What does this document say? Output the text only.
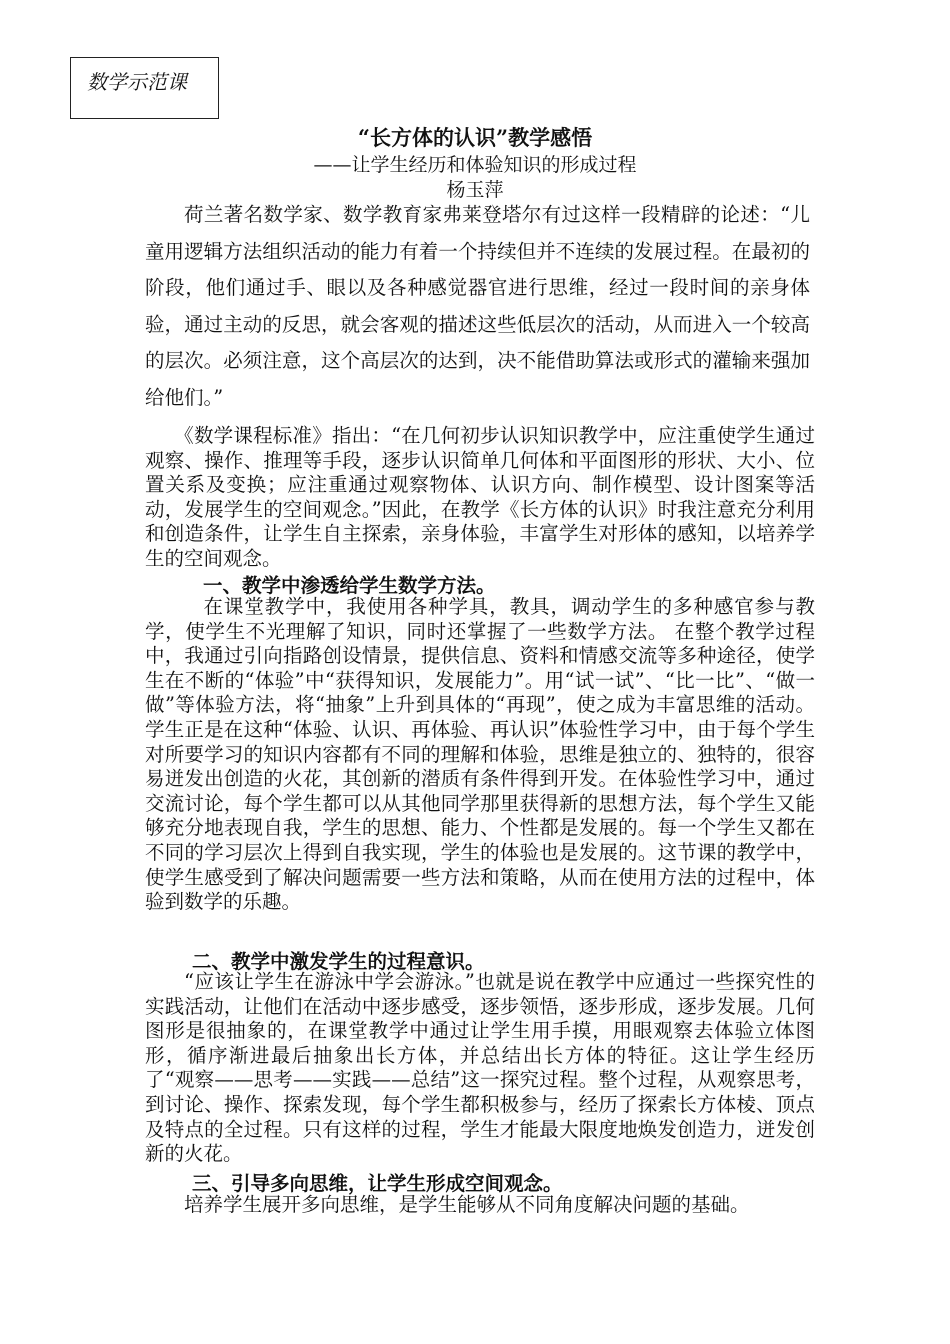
数学示范课
“长方体的认识”教学感悟
——让学生经历和体验知识的形成过程
杨玉萍

荷兰著名数学家、数学教育家弗莱登塔尔有过这样一段精辟的论述：“儿童用逻辑方法组织活动的能力有着一个持续但并不连续的发展过程。在最初的阶段，他们通过手、眼以及各种感觉器官进行思维，经过一段时间的亲身体验，通过主动的反思，就会客观的描述这些低层次的活动，从而进入一个较高的层次。必须注意，这个高层次的达到，决不能借助算法或形式的灌输来强加给他们。”

《数学课程标准》指出：“在几何初步认识知识教学中，应注重使学生通过观察、操作、推理等手段，逐步认识简单几何体和平面图形的形状、大小、位置关系及变换；应注重通过观察物体、认识方向、制作模型、设计图案等活动，发展学生的空间观念。”因此，在教学《长方体的认识》时我注意充分利用和创造条件，让学生自主探索，亲身体验，丰富学生对形体的感知，以培养学生的空间观念。

一、教学中渗透给学生数学方法。

在课堂教学中，我使用各种学具，教具，调动学生的多种感官参与教学，使学生不光理解了知识，同时还掌握了一些数学方法。 在整个教学过程中，我通过引向指路创设情景，提供信息、资料和情感交流等多种途径，使学生在不断的“体验”中“获得知识，发展能力”。用“试一试”、“比一比”、“做一做”等体验方法，将“抽象”上升到具体的“再现”，使之成为丰富思维的活动。学生正是在这种“体验、认识、再体验、再认识”体验性学习中，由于每个学生对所要学习的知识内容都有不同的理解和体验，思维是独立的、独特的，很容易迸发出创造的火花，其创新的潜质有条件得到开发。在体验性学习中，通过交流讨论，每个学生都可以从其他同学那里获得新的思想方法，每个学生又能够充分地表现自我，学生的思想、能力、个性都是发展的。每一个学生又都在不同的学习层次上得到自我实现，学生的体验也是发展的。这节课的教学中，使学生感受到了解决问题需要一些方法和策略，从而在使用方法的过程中，体验到数学的乐趣。

二、教学中激发学生的过程意识。

“应该让学生在游泳中学会游泳。”也就是说在教学中应通过一些探究性的实践活动，让他们在活动中逐步感受，逐步领悟，逐步形成，逐步发展。几何图形是很抽象的，在课堂教学中通过让学生用手摸，用眼观察去体验立体图形，循序渐进最后抽象出长方体，并总结出长方体的特征。这让学生经历了“观察——思考——实践——总结”这一探究过程。整个过程，从观察思考，到讨论、操作、探索发现，每个学生都积极参与，经历了探索长方体棱、顶点及特点的全过程。只有这样的过程，学生才能最大限度地焕发创造力，迸发创新的火花。

三、引导多向思维，让学生形成空间观念。

培养学生展开多向思维，是学生能够从不同角度解决问题的基础。
